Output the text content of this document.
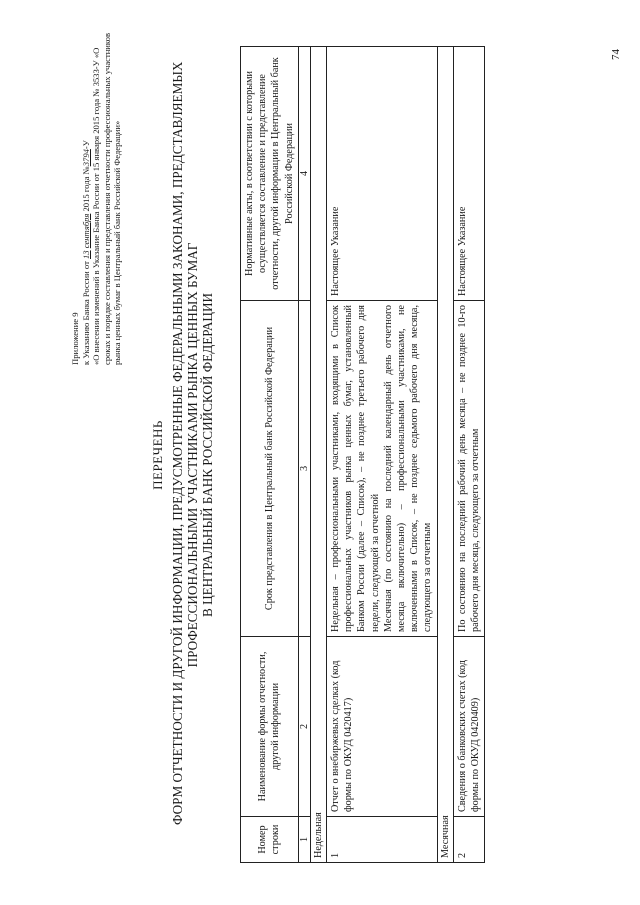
Приложение 9 к Указанию Банка России от 13 сентября 2015 года №3794-У «О внесении изменений в Указание Банка России от 15 января 2015 года № 3533-У «О сроках и порядке составления и представления отчетности профессиональных участников рынка ценных бумаг в Центральный банк Российской Федерации»
ПЕРЕЧЕНЬ ФОРМ ОТЧЕТНОСТИ И ДРУГОЙ ИНФОРМАЦИИ, ПРЕДУСМОТРЕННЫЕ ФЕДЕРАЛЬНЫМИ ЗАКОНАМИ, ПРЕДСТАВЛЯЕМЫХ ПРОФЕССИОНАЛЬНЫМИ УЧАСТНИКАМИ РЫНКА ЦЕННЫХ БУМАГ В ЦЕНТРАЛЬНЫЙ БАНК РОССИЙСКОЙ ФЕДЕРАЦИИ
Номер строки	Наименование формы отчетности, другой информации	Срок представления в Центральный банк Российской Федерации	Нормативные акты, в соответствии с которыми осуществляется составление и представление отчетности, другой информации в Центральный банк Российской Федерации
1	2	3	4
Недельная			
1	Отчет о внебиржевых сделках (код формы по ОКУД 0420417)	Недельная – профессиональными участниками, входящими в Список профессиональных участников рынка ценных бумаг, установленный Банком России (далее – Список), – не позднее третьего рабочего дня недели, следующей за отчетной Месячная (по состоянию на последний календарный день отчетного месяца включительно) – профессиональными участниками, не включенными в Список, – не позднее седьмого рабочего дня месяца, следующего за отчетным	Настоящее Указание
Месячная			
2	Сведения о банковских счетах (код формы по ОКУД 0420409)	По состоянию на последний рабочий день месяца – не позднее 10-го рабочего дня месяца, следующего за отчетным	Настоящее Указание
74
